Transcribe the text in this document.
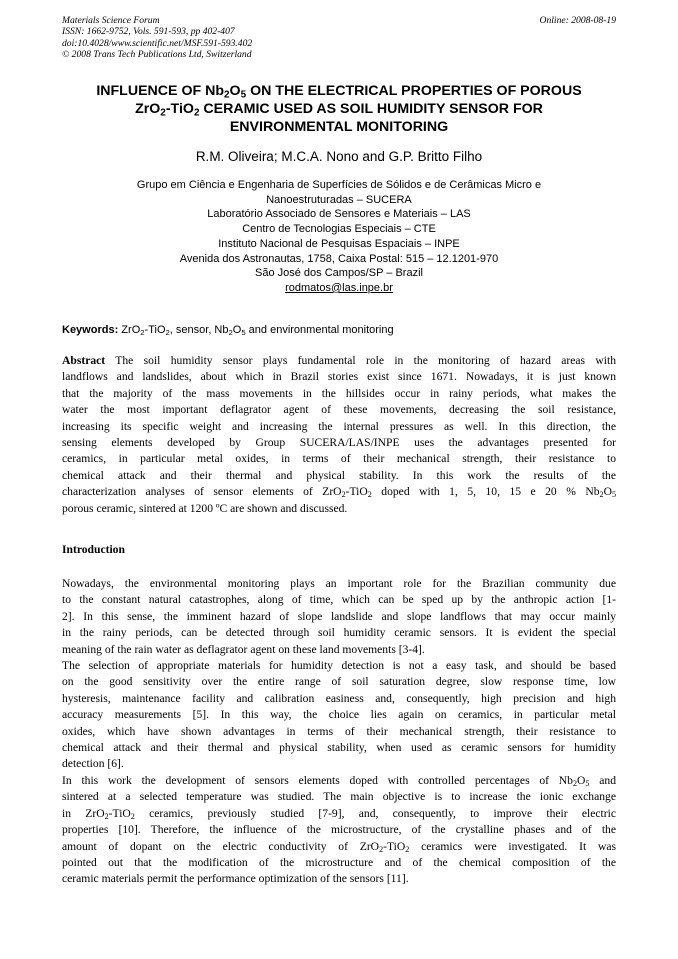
Materials Science Forum
ISSN: 1662-9752, Vols. 591-593, pp 402-407
doi:10.4028/www.scientific.net/MSF.591-593.402
© 2008 Trans Tech Publications Ltd, Switzerland
Online: 2008-08-19
INFLUENCE OF $Nb_2O_5$ ON THE ELECTRICAL PROPERTIES OF POROUS
ZrO$_2$-TiO$_2$ CERAMIC USED AS SOIL HUMIDITY SENSOR FOR
ENVIRONMENTAL MONITORING
R.M. Oliveira; M.C.A. Nono and G.P. Britto Filho
Grupo em Ciência e Engenharia de Superfícies de Sólidos e de Cerâmicas Micro e
Nanoestruturadas – SUCERA
Laboratório Associado de Sensores e Materiais – LAS
Centro de Tecnologias Especiais – CTE
Instituto Nacional de Pesquisas Espaciais – INPE
Avenida dos Astronautas, 1758, Caixa Postal: 515 – 12.1201-970
São José dos Campos/SP – Brazil
rodmatos@las.inpe.br
Keywords: ZrO$_2$-TiO$_2$, sensor, $Nb_2O_5$ and environmental monitoring
Abstract The soil humidity sensor plays fundamental role in the monitoring of hazard areas with
landflows and landslides, about which in Brazil stories exist since 1671. Nowadays, it is just known
that the majority of the mass movements in the hillsides occur in rainy periods, what makes the
water the most important deflagrator agent of these movements, decreasing the soil resistance,
increasing its specific weight and increasing the internal pressures as well. In this direction, the
sensing elements developed by Group SUCERA/LAS/INPE uses the advantages presented for
ceramics, in particular metal oxides, in terms of their mechanical strength, their resistance to
chemical attack and their thermal and physical stability. In this work the results of the
characterization analyses of sensor elements of ZrO$_2$-TiO$_2$ doped with 1, 5, 10, 15 e 20 % $Nb_2O_5$
porous ceramic, sintered at 1200 ºC are shown and discussed.
Introduction

Nowadays, the environmental monitoring plays an important role for the Brazilian community due
to the constant natural catastrophes, along of time, which can be sped up by the anthropic action [1-
2]. In this sense, the imminent hazard of slope landslide and slope landflows that may occur mainly
in the rainy periods, can be detected through soil humidity ceramic sensors. It is evident the special
meaning of the rain water as deflagrator agent on these land movements [3-4].

The selection of appropriate materials for humidity detection is not a easy task, and should be based
on the good sensitivity over the entire range of soil saturation degree, slow response time, low
hysteresis, maintenance facility and calibration easiness and, consequently, high precision and high
accuracy measurements [5]. In this way, the choice lies again on ceramics, in particular metal
oxides, which have shown advantages in terms of their mechanical strength, their resistance to
chemical attack and their thermal and physical stability, when used as ceramic sensors for humidity
detection [6].

In this work the development of sensors elements doped with controlled percentages of $Nb_2O_5$ and
sintered at a selected temperature was studied. The main objective is to increase the ionic exchange
in ZrO$_2$-TiO$_2$ ceramics, previously studied [7-9], and, consequently, to improve their electric
properties [10]. Therefore, the influence of the microstructure, of the crystalline phases and of the
amount of dopant on the electric conductivity of ZrO$_2$-TiO$_2$ ceramics were investigated. It was
pointed out that the modification of the microstructure and of the chemical composition of the
ceramic materials permit the performance optimization of the sensors [11].
